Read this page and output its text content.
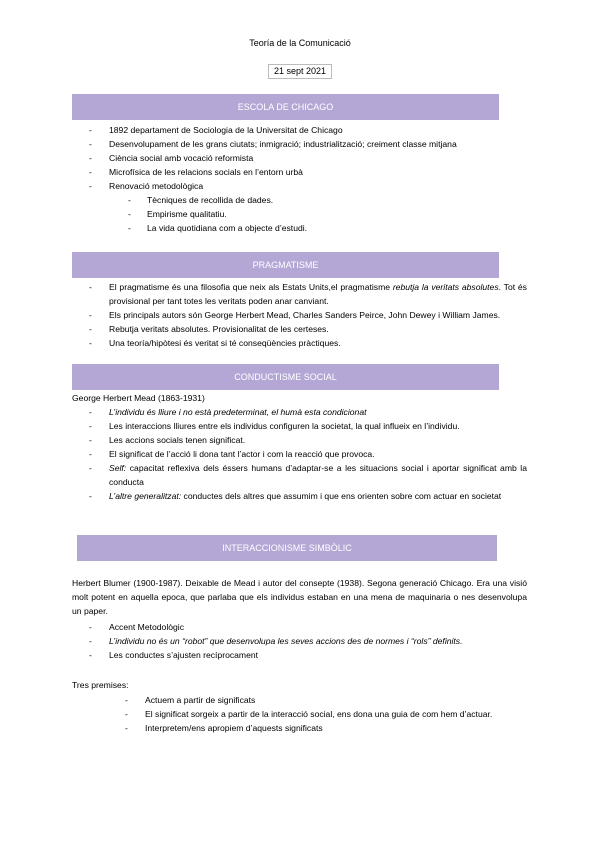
Teoría de la Comunicació
21 sept 2021
ESCOLA DE CHICAGO
- 1892 departament de Sociologia de la Universitat de Chicago
- Desenvolupament de les grans ciutats; inmigració; industrialització; creiment classe mitjana
- Ciència social amb vocació reformista
- Microfísica de les relacions socials en l’entorn urbà
- Renovació metodològica
- Tècniques de recollida de dades.
- Empirisme qualitatiu.
- La vida quotidiana com a objecte d’estudi.
PRAGMATISME
- El pragmatisme és una filosofia que neix als Estats Units,el pragmatisme rebutja la veritats absolutes. Tot és provisional per tant totes les veritats poden anar canviant.
- Els principals autors són George Herbert Mead, Charles Sanders Peirce, John Dewey i William James.
- Rebutja veritats absolutes. Provisionalitat de les certeses.
- Una teoría/hipòtesi és veritat si té conseqüències pràctiques.
CONDUCTISME SOCIAL

George Herbert Mead (1863-1931)

- L’individu és lliure i no està predeterminat, el humà esta condicionat
- Les interaccions lliures entre els individus configuren la societat, la qual influeix en l’individu.
- Les accions socials tenen significat.
- El significat de l’acció li dona tant l’actor i com la reacció que provoca.
- Self: capacitat reflexiva dels éssers humans d’adaptar-se a les situacions social i aportar significat amb la conducta
- L’altre generalitzat: conductes dels altres que assumim i que ens orienten sobre com actuar en societat
INTERACCIONISME SIMBÒLIC

Herbert Blumer (1900-1987). Deixable de Mead i autor del consepte (1938). Segona generació Chicago. Era una visió molt potent en aquella epoca, que parlaba que els individus estaban en una mena de maquinaria o nes desenvolupa un paper.

- Accent Metodològic
- L’individu no és un “robot” que desenvolupa les seves accions des de normes i “rols” definits.
- Les conductes s’ajusten recíprocament

Tres premises:

- Actuem a partir de significats
- El significat sorgeix a partir de la interacció social, ens dona una guia de com hem d’actuar.
- Interpretem/ens apropiem d’aquests significats
